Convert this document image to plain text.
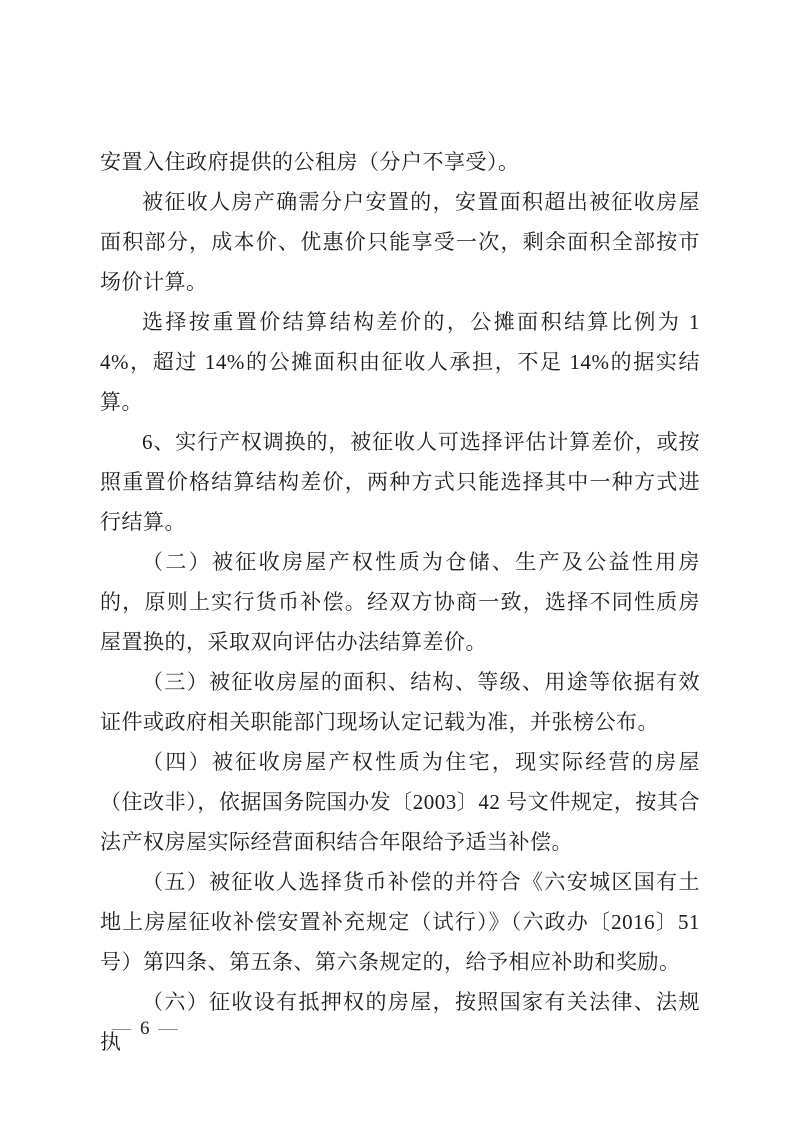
安置入住政府提供的公租房（分户不享受）。

被征收人房产确需分户安置的，安置面积超出被征收房屋面积部分，成本价、优惠价只能享受一次，剩余面积全部按市场价计算。

选择按重置价结算结构差价的，公摊面积结算比例为 14%，超过 14%的公摊面积由征收人承担，不足 14%的据实结算。

6、实行产权调换的，被征收人可选择评估计算差价，或按照重置价格结算结构差价，两种方式只能选择其中一种方式进行结算。

（二）被征收房屋产权性质为仓储、生产及公益性用房的，原则上实行货币补偿。经双方协商一致，选择不同性质房屋置换的，采取双向评估办法结算差价。

（三）被征收房屋的面积、结构、等级、用途等依据有效证件或政府相关职能部门现场认定记载为准，并张榜公布。

（四）被征收房屋产权性质为住宅，现实际经营的房屋（住改非），依据国务院国办发〔2003〕42 号文件规定，按其合法产权房屋实际经营面积结合年限给予适当补偿。

（五）被征收人选择货币补偿的并符合《六安城区国有土地上房屋征收补偿安置补充规定（试行）》（六政办〔2016〕51 号）第四条、第五条、第六条规定的，给予相应补助和奖励。

（六）征收设有抵押权的房屋，按照国家有关法律、法规执

— 6 —
